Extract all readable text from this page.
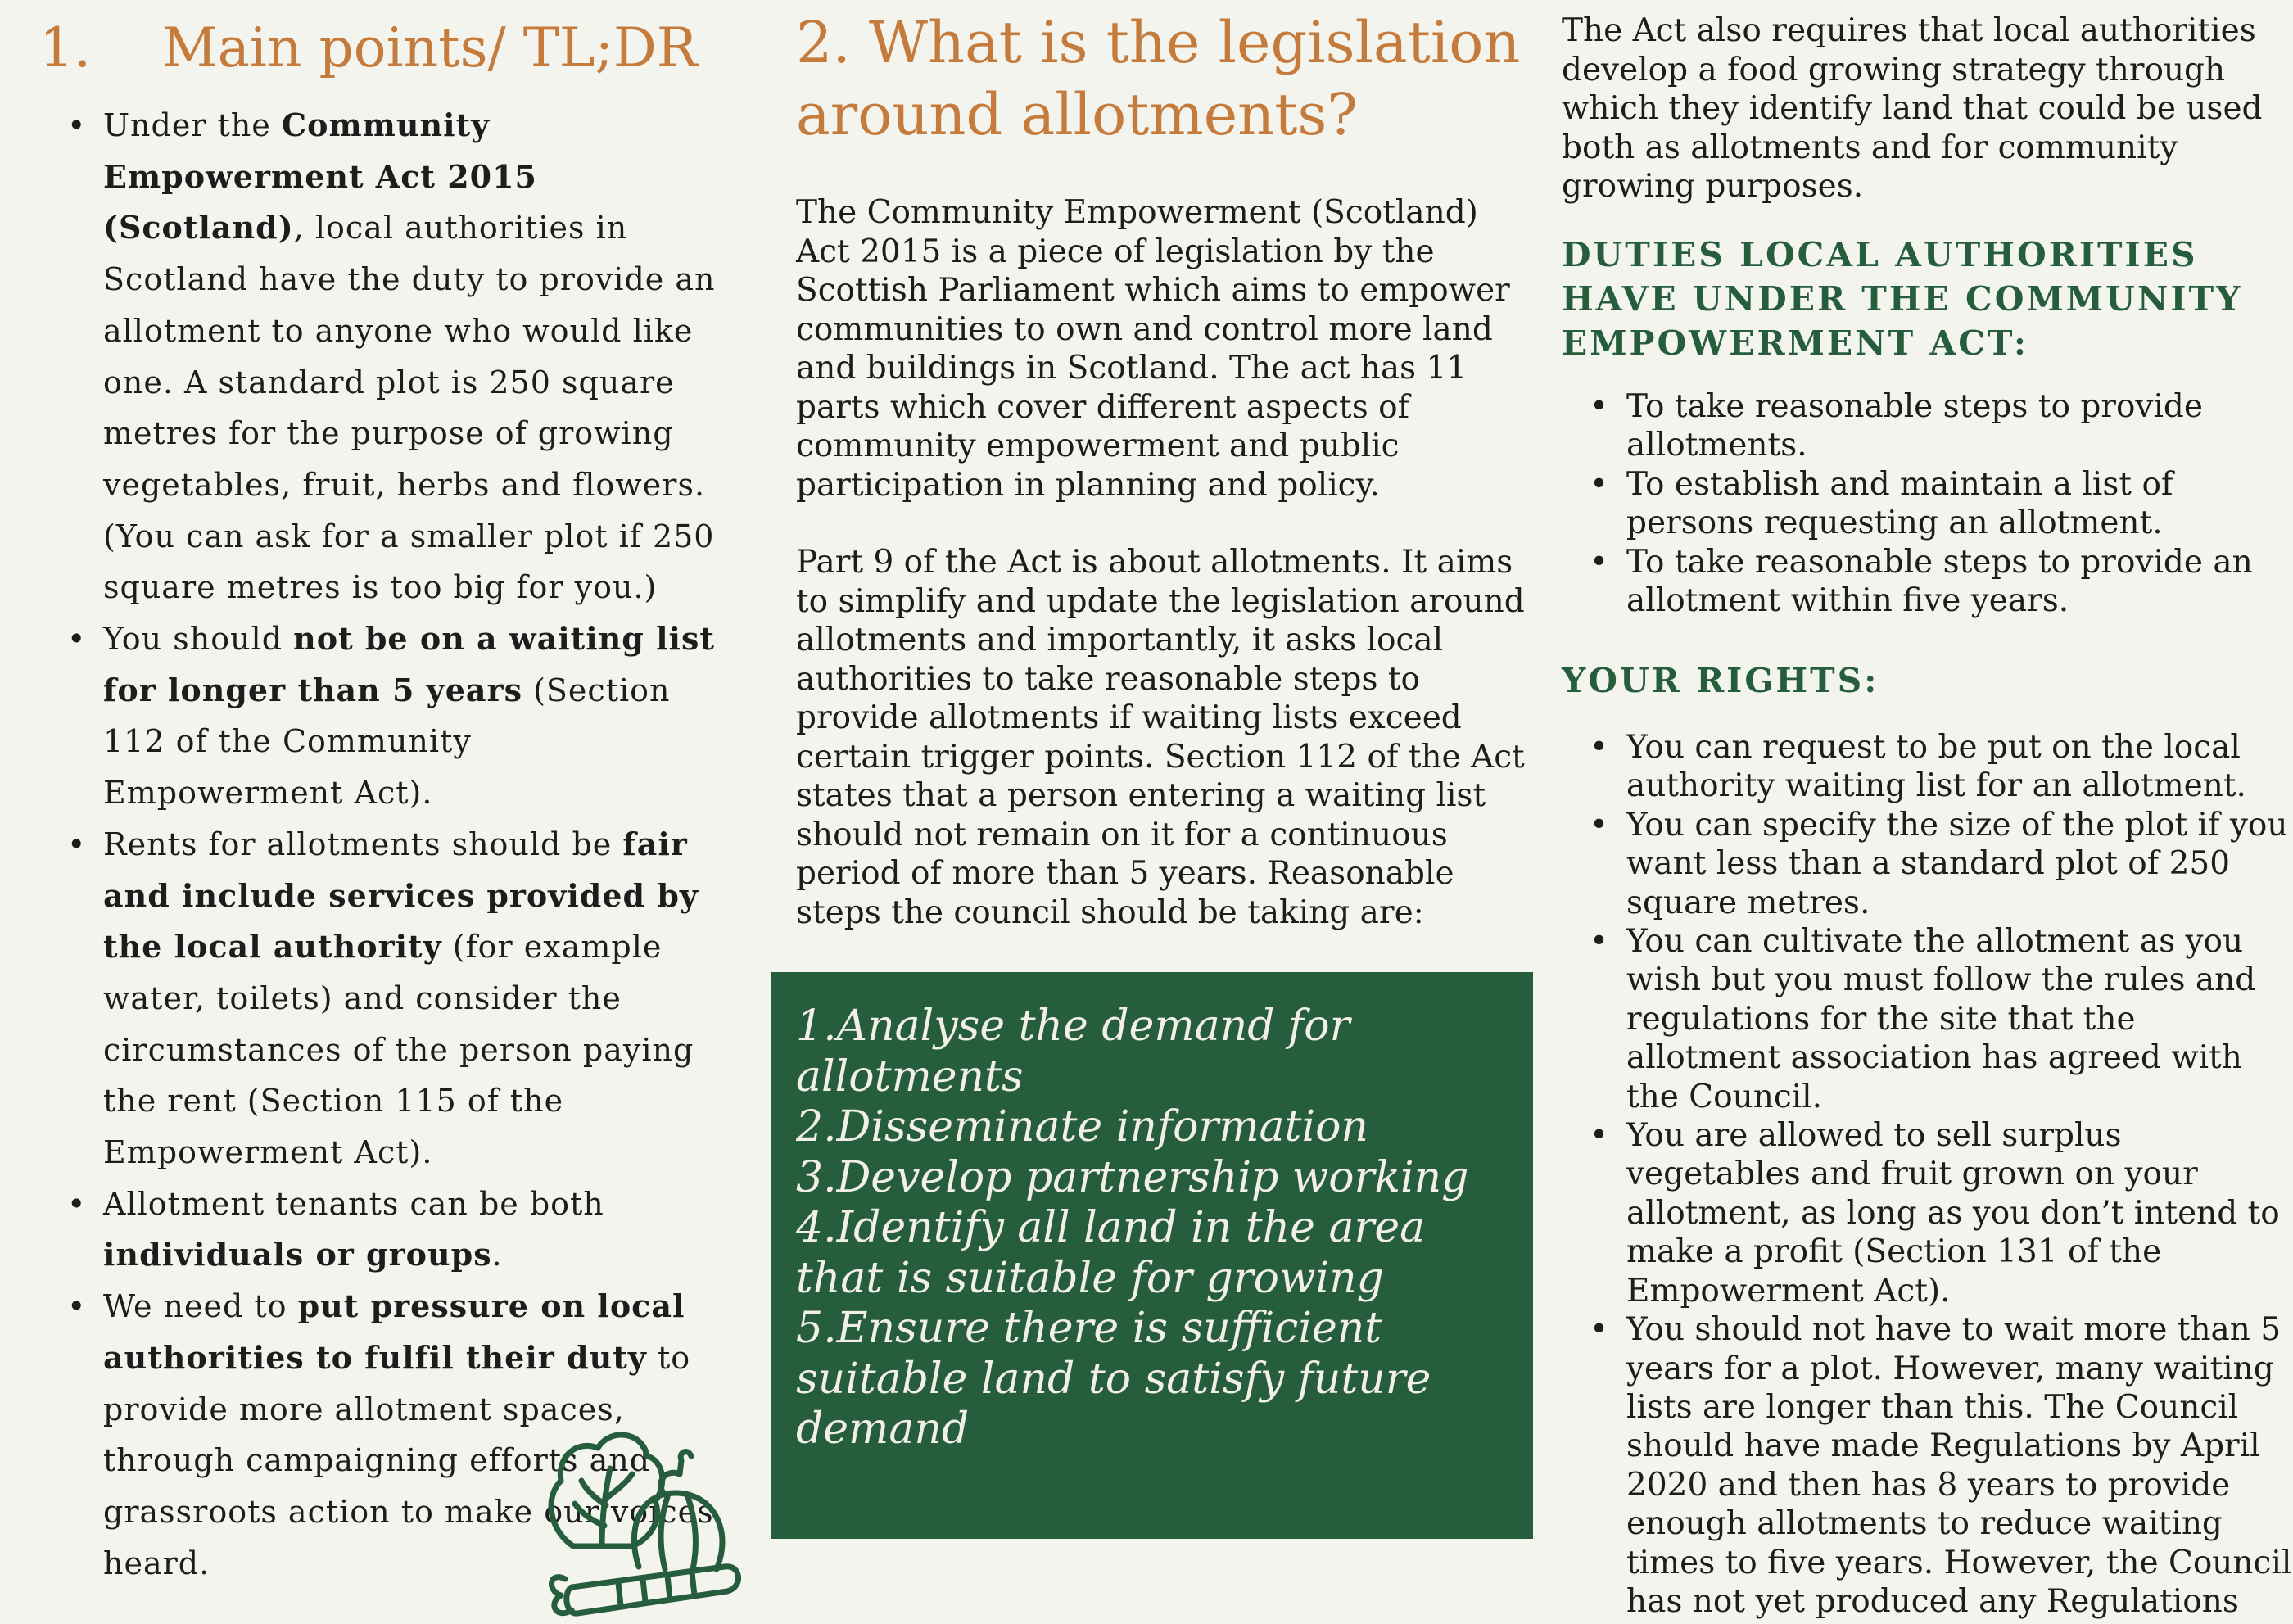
1. Main points/ TL;DR
• Under the Community Empowerment Act 2015 (Scotland), local authorities in Scotland have the duty to provide an allotment to anyone who would like one. A standard plot is 250 square metres for the purpose of growing vegetables, fruit, herbs and flowers. (You can ask for a smaller plot if 250 square metres is too big for you.)
• You should not be on a waiting list for longer than 5 years (Section 112 of the Community Empowerment Act).
• Rents for allotments should be fair and include services provided by the local authority (for example water, toilets) and consider the circumstances of the person paying the rent (Section 115 of the Empowerment Act).
• Allotment tenants can be both individuals or groups.
• We need to put pressure on local authorities to fulfil their duty to provide more allotment spaces, through campaigning efforts and grassroots action to make our voices heard.
2. What is the legislation around allotments?

The Community Empowerment (Scotland) Act 2015 is a piece of legislation by the Scottish Parliament which aims to empower communities to own and control more land and buildings in Scotland. The act has 11 parts which cover different aspects of community empowerment and public participation in planning and policy.

Part 9 of the Act is about allotments. It aims to simplify and update the legislation around allotments and importantly, it asks local authorities to take reasonable steps to provide allotments if waiting lists exceed certain trigger points. Section 112 of the Act states that a person entering a waiting list should not remain on it for a continuous period of more than 5 years. Reasonable steps the council should be taking are:

1.Analyse the demand for allotments

2.Disseminate information

3.Develop partnership working

4.Identify all land in the area that is suitable for growing

5.Ensure there is sufficient suitable land to satisfy future demand

The Act also requires that local authorities develop a food growing strategy through which they identify land that could be used both as allotments and for community growing purposes.

DUTIES LOCAL AUTHORITIES HAVE UNDER THE COMMUNITY EMPOWERMENT ACT:
• To take reasonable steps to provide allotments.
• To establish and maintain a list of persons requesting an allotment.
• To take reasonable steps to provide an allotment within five years.
YOUR RIGHTS:
• You can request to be put on the local authority waiting list for an allotment.
• You can specify the size of the plot if you want less than a standard plot of 250 square metres.
• You can cultivate the allotment as you wish but you must follow the rules and regulations for the site that the allotment association has agreed with the Council.
• You are allowed to sell surplus vegetables and fruit grown on your allotment, as long as you don’t intend to make a profit (Section 131 of the Empowerment Act).
• You should not have to wait more than 5 years for a plot. However, many waiting lists are longer than this. The Council should have made Regulations by April 2020 and then has 8 years to provide enough allotments to reduce waiting times to five years. However, the Council has not yet produced any Regulations
